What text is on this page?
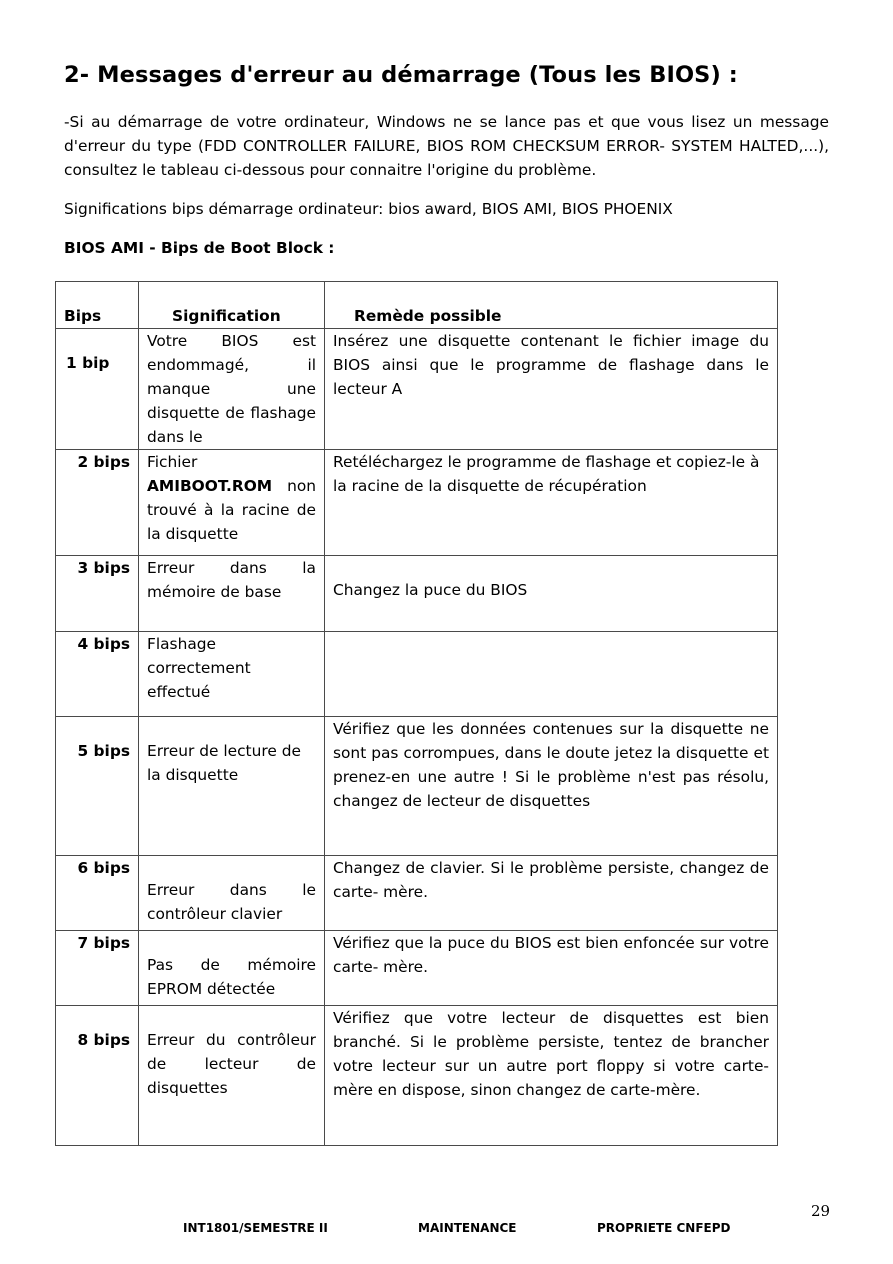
2- Messages d'erreur au démarrage (Tous les BIOS) :

-Si au démarrage de votre ordinateur, Windows ne se lance pas et que vous lisez un message d'erreur du type (FDD CONTROLLER FAILURE, BIOS ROM CHECKSUM ERROR- SYSTEM HALTED,...), consultez le tableau ci-dessous pour connaitre l'origine du problème.

Significations bips démarrage ordinateur: bios award, BIOS AMI, BIOS PHOENIX

BIOS AMI - Bips de Boot Block :

Bips	Signification	Remède possible
1 bip	Votre BIOS est endommagé, il manque une disquette de flashage dans le	Insérez une disquette contenant le fichier image du BIOS ainsi que le programme de flashage dans le lecteur A
2 bips	Fichier AMIBOOT.ROM non trouvé à la racine de la disquette	Retéléchargez le programme de flashage et copiez-le à la racine de la disquette de récupération
3 bips	Erreur dans la mémoire de base	Changez la puce du BIOS
4 bips	Flashage correctement effectué	
5 bips	Erreur de lecture de la disquette	Vérifiez que les données contenues sur la disquette ne sont pas corrompues, dans le doute jetez la disquette et prenez-en une autre ! Si le problème n'est pas résolu, changez de lecteur de disquettes
6 bips	Erreur dans le contrôleur clavier	Changez de clavier. Si le problème persiste, changez de carte- mère.
7 bips	Pas de mémoire EPROM détectée	Vérifiez que la puce du BIOS est bien enfoncée sur votre carte- mère.
8 bips	Erreur du contrôleur de lecteur de disquettes	Vérifiez que votre lecteur de disquettes est bien branché. Si le problème persiste, tentez de brancher votre lecteur sur un autre port floppy si votre carte-mère en dispose, sinon changez de carte-mère.

29

INT1801/SEMESTRE II	MAINTENANCE	PROPRIETE CNFEPD
